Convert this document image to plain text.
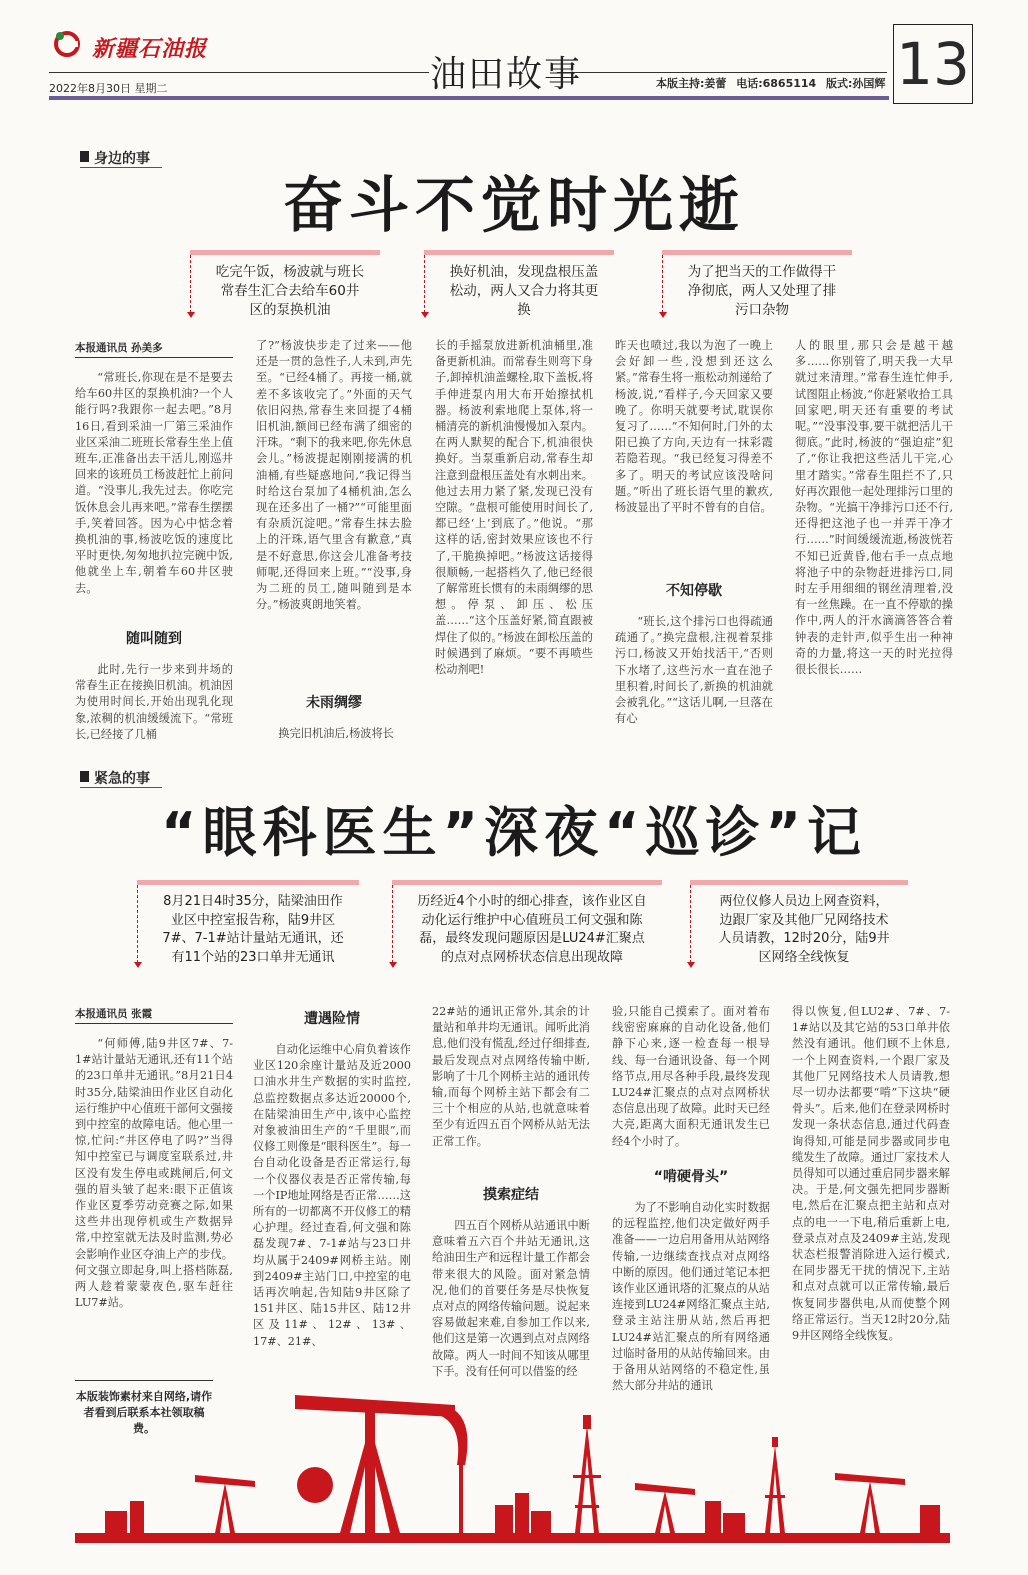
新疆石油报
2022年8月30日 星期二	油田故事	本版主持:姜蕾 电话:6865114 版式:孙国辉 13
身边的事
奋斗不觉时光逝
吃完午饭，杨波就与班长常春生汇合去给车60井区的泵换机油
换好机油，发现盘根压盖松动，两人又合力将其更换
为了把当天的工作做得干净彻底，两人又处理了排污口杂物
本报通讯员 孙美多

“常班长,你现在是不是要去给车60井区的泵换机油?一个人能行吗?我跟你一起去吧。”8月16日,看到采油一厂第三采油作业区采油二班班长常春生坐上值班车,正准备出去干活儿,刚巡井回来的该班员工杨波赶忙上前问道。“没事儿,我先过去。你吃完饭休息会儿再来吧。”常春生摆摆手,笑着回答。因为心中惦念着换机油的事,杨波吃饭的速度比平时更快,匆匆地扒拉完碗中饭,他就坐上车,朝着车60井区驶去。

随叫随到

此时,先行一步来到井场的常春生正在接换旧机油。机油因为使用时间长,开始出现乳化现象,浓稠的机油缓缓流下。“常班长,已经接了几桶

了?”杨波快步走了过来——他还是一贯的急性子,人未到,声先至。“已经4桶了。再接一桶,就差不多该收完了。”外面的天气依旧闷热,常春生来回提了4桶旧机油,额间已经布满了细密的汗珠。“剩下的我来吧,你先休息会儿。”杨波提起刚刚接满的机油桶,有些疑惑地问,“我记得当时给这台泵加了4桶机油,怎么现在还多出了一桶?”“可能里面有杂质沉淀吧。”常春生抹去脸上的汗珠,语气里含有歉意,“真是不好意思,你这会儿准备考技师呢,还得回来上班。”“没事,身为二班的员工,随叫随到是本分。”杨波爽朗地笑着。

未雨绸缪

换完旧机油后,杨波将长

长的手摇泵放进新机油桶里,准备更新机油。而常春生则弯下身子,卸掉机油盖螺栓,取下盖板,将手伸进泵内用大布开始擦拭机器。杨波利索地爬上泵体,将一桶清亮的新机油慢慢加入泵内。在两人默契的配合下,机油很快换好。当泵重新启动,常春生却注意到盘根压盖处有水刺出来。他过去用力紧了紧,发现已没有空隙。“盘根可能使用时间长了,都已经‘上’到底了。”他说。“那这样的话,密封效果应该也不行了,干脆换掉吧。”杨波这话接得很顺畅,一起搭档久了,他已经很了解常班长惯有的未雨绸缪的思想。停泵、卸压、松压盖……“这个压盖好紧,简直跟被焊住了似的。”杨波在卸松压盖的时候遇到了麻烦。“要不再喷些松动剂吧!

昨天也喷过,我以为泡了一晚上会好卸一些,没想到还这么紧。”常春生将一瓶松动剂递给了杨波,说,“看样子,今天回家又要晚了。你明天就要考试,耽误你复习了……”不知何时,门外的太阳已换了方向,天边有一抹彩霞若隐若现。“我已经复习得差不多了。明天的考试应该没啥问题。”听出了班长语气里的歉疚,杨波显出了平时不曾有的自信。

不知停歇

“班长,这个排污口也得疏通疏通了。”换完盘根,注视着泵排污口,杨波又开始找活干,“否则下水堵了,这些污水一直在池子里积着,时间长了,新换的机油就会被乳化。”“这话儿啊,一旦落在有心

人的眼里,那只会是越干越多……你别管了,明天我一大早就过来清理。”常春生连忙伸手,试图阻止杨波,“你赶紧收拾工具回家吧,明天还有重要的考试呢。”“没事没事,要干就把活儿干彻底。”此时,杨波的“强迫症”犯了,“你让我把这些活儿干完,心里才踏实。”常春生阻拦不了,只好再次跟他一起处理排污口里的杂物。“光搞干净排污口还不行,还得把这池子也一并弄干净才行……”时间缓缓流逝,杨波恍若不知已近黄昏,他右手一点点地将池子中的杂物赶进排污口,同时左手用细细的钢丝清理着,没有一丝焦躁。在一直不停歇的操作中,两人的汗水滴滴答答合着钟表的走针声,似乎生出一种神奇的力量,将这一天的时光拉得很长很长……

紧急的事
“眼科医生”深夜“巡诊”记
8月21日4时35分，陆梁油田作业区中控室报告称，陆9井区7#、7-1#站计量站无通讯，还有11个站的23口单井无通讯
历经近4个小时的细心排查，该作业区自动化运行维护中心值班员工何文强和陈磊，最终发现问题原因是LU24#汇聚点的点对点网桥状态信息出现故障
两位仪修人员边上网查资料，边跟厂家及其他厂兄网络技术人员请教，12时20分，陆9井区网络全线恢复
本报通讯员 张霞

“何师傅,陆9井区7#、7-1#站计量站无通讯,还有11个站的23口单井无通讯。”8月21日4时35分,陆梁油田作业区自动化运行维护中心值班干部何文强接到中控室的故障电话。他心里一惊,忙问:“井区停电了吗?”当得知中控室已与调度室联系过,井区没有发生停电或跳闸后,何文强的眉头皱了起来:眼下正值该作业区夏季劳动竞赛之际,如果这些井出现停机或生产数据异常,中控室就无法及时监测,势必会影响作业区夺油上产的步伐。何文强立即起身,叫上搭档陈磊,两人趁着蒙蒙夜色,驱车赶往LU7#站。

遭遇险情

自动化运维中心肩负着该作业区120余座计量站及近2000口油水井生产数据的实时监控,总监控数据点多达近20000个,在陆梁油田生产中,该中心监控对象被油田生产的“千里眼”,而仪修工则像是“眼科医生”。每一台自动化设备是否正常运行,每一个仪器仪表是否正常传输,每一个IP地址网络是否正常……这所有的一切都离不开仪修工的精心护理。经过查看,何文强和陈磊发现7#、7-1#站与23口井均从属于2409#网桥主站。刚到2409#主站门口,中控室的电话再次响起,告知陆9井区除了151井区、陆15井区、陆12井区及11#、12#、13#、17#、21#、

22#站的通讯正常外,其余的计量站和单井均无通讯。闻听此消息,他们没有慌乱,经过仔细排查,最后发现点对点网络传输中断,影响了十几个网桥主站的通讯传输,而每个网桥主站下都会有二三十个相应的从站,也就意味着至少有近四五百个网桥从站无法正常工作。

摸索症结

四五百个网桥从站通讯中断意味着五六百个井站无通讯,这给油田生产和远程计量工作都会带来很大的风险。面对紧急情况,他们的首要任务是尽快恢复点对点的网络传输问题。说起来容易做起来难,自参加工作以来,他们这是第一次遇到点对点网络故障。两人一时间不知该从哪里下手。没有任何可以借鉴的经

验,只能自己摸索了。面对着布线密密麻麻的自动化设备,他们静下心来,逐一检查每一根导线、每一台通讯设备、每一个网络节点,用尽各种手段,最终发现LU24#汇聚点的点对点网桥状态信息出现了故障。此时天已经大亮,距离大面积无通讯发生已经4个小时了。

“啃硬骨头”

为了不影响自动化实时数据的远程监控,他们决定做好两手准备——一边启用备用从站网络传输,一边继续查找点对点网络中断的原因。他们通过笔记本把该作业区通讯塔的汇聚点的从站连接到LU24#网络汇聚点主站,登录主站注册从站,然后再把LU24#站汇聚点的所有网络通过临时备用的从站传输回来。由于备用从站网络的不稳定性,虽然大部分井站的通讯

得以恢复,但LU2#、7#、7-1#站以及其它站的53口单井依然没有通讯。他们顾不上休息,一个上网查资料,一个跟厂家及其他厂兄网络技术人员请教,想尽一切办法都要“啃”下这块“硬骨头”。后来,他们在登录网桥时发现一条状态信息,通过代码查询得知,可能是同步器或同步电缆发生了故障。通过厂家技术人员得知可以通过重启同步器来解决。于是,何文强先把同步器断电,然后在汇聚点把主站和点对点的电一一下电,稍后重新上电,登录点对点及2409#主站,发现状态栏报警消除进入运行模式,在同步器无干扰的情况下,主站和点对点就可以正常传输,最后恢复同步器供电,从而使整个网络正常运行。当天12时20分,陆9井区网络全线恢复。

本版装饰素材来自网络,请作者看到后联系本社领取稿费。
